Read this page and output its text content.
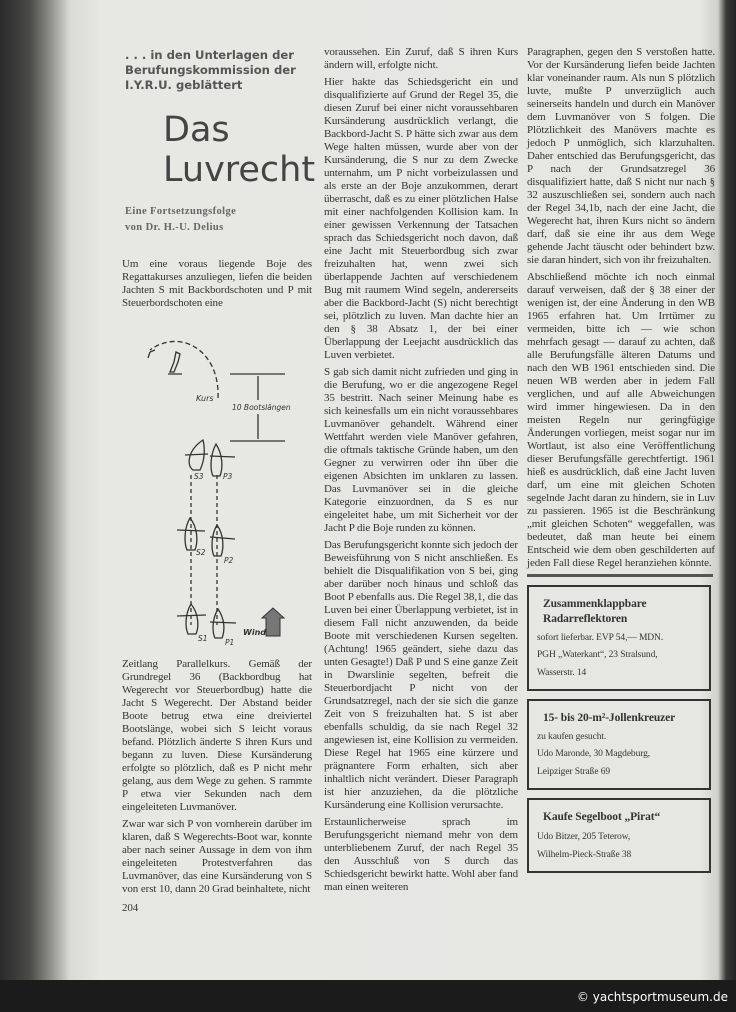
. . . in den Unterlagen der Berufungskommission der I.Y.R.U. geblättert
Das
Luvrecht
Eine Fortsetzungsfolge
von Dr. H.-U. Delius

Um eine voraus liegende Boje des Regattakurses anzuliegen, liefen die beiden Jachten S mit Backbordschoten und P mit Steuerbordschoten eine

Kurs
10 Bootslängen
Wind
S3	P3
S2
P2
S1 P1

Zeitlang Parallelkurs. Gemäß der Grundregel 36 (Backbordbug hat Wegerecht vor Steuerbordbug) hatte die Jacht S Wegerecht. Der Abstand beider Boote betrug etwa eine dreiviertel Bootslänge, wobei sich S leicht voraus befand. Plötzlich änderte S ihren Kurs und begann zu luven. Diese Kursänderung erfolgte so plötzlich, daß es P nicht mehr gelang, aus dem Wege zu gehen. S rammte P etwa vier Sekunden nach dem eingeleiteten Luvmanöver.

Zwar war sich P von vornherein darüber im klaren, daß S Wegerechts-Boot war, konnte aber nach seiner Aussage in dem von ihm eingeleiteten Protestverfahren das Luvmanöver, das eine Kursänderung von S von erst 10, dann 20 Grad beinhaltete, nicht

204

voraussehen. Ein Zuruf, daß S ihren Kurs ändern will, erfolgte nicht.

Hier hakte das Schiedsgericht ein und disqualifizierte auf Grund der Regel 35, die diesen Zuruf bei einer nicht voraussehbaren Kursänderung ausdrücklich verlangt, die Backbord-Jacht S. P hätte sich zwar aus dem Wege halten müssen, wurde aber von der Kursänderung, die S nur zu dem Zwecke unternahm, um P nicht vorbeizulassen und als erste an der Boje anzukommen, derart überrascht, daß es zu einer plötzlichen Halse mit einer nachfolgenden Kollision kam. In einer gewissen Verkennung der Tatsachen sprach das Schiedsgericht noch davon, daß eine Jacht mit Steuerbordbug sich zwar freizuhalten hat, wenn zwei sich überlappende Jachten auf verschiedenem Bug mit raumem Wind segeln, andererseits aber die Backbord-Jacht (S) nicht berechtigt sei, plötzlich zu luven. Man dachte hier an den § 38 Absatz 1, der bei einer Überlappung der Leejacht ausdrücklich das Luven verbietet.

S gab sich damit nicht zufrieden und ging in die Berufung, wo er die angezogene Regel 35 bestritt. Nach seiner Meinung habe es sich keinesfalls um ein nicht voraussehbares Luvmanöver gehandelt. Während einer Wettfahrt werden viele Manöver gefahren, die oftmals taktische Gründe haben, um den Gegner zu verwirren oder ihn über die eigenen Absichten im unklaren zu lassen. Das Luvmanöver sei in die gleiche Kategorie einzuordnen, da S es nur eingeleitet habe, um mit Sicherheit vor der Jacht P die Boje runden zu können.

Das Berufungsgericht konnte sich jedoch der Beweisführung von S nicht anschließen. Es behielt die Disqualifikation von S bei, ging aber darüber noch hinaus und schloß das Boot P ebenfalls aus. Die Regel 38,1, die das Luven bei einer Überlappung verbietet, ist in diesem Fall nicht anzuwenden, da beide Boote mit verschiedenen Kursen segelten. (Achtung! 1965 geändert, siehe dazu das unten Gesagte!) Daß P und S eine ganze Zeit in Dwarslinie segelten, befreit die Steuerbordjacht P nicht von der Grundsatzregel, nach der sie sich die ganze Zeit von S freizuhalten hat. S ist aber ebenfalls schuldig, da sie nach Regel 32 angewiesen ist, eine Kollision zu vermeiden. Diese Regel hat 1965 eine kürzere und prägnantere Form erhalten, sich aber inhaltlich nicht verändert. Dieser Paragraph ist hier anzuziehen, da die plötzliche Kursänderung eine Kollision verursachte.

Erstaunlicherweise sprach im Berufungsgericht niemand mehr von dem unterbliebenem Zuruf, der nach Regel 35 den Ausschluß von S durch das Schiedsgericht bewirkt hatte. Wohl aber fand man einen weiteren

Paragraphen, gegen den S verstoßen hatte. Vor der Kursänderung liefen beide Jachten klar voneinander raum. Als nun S plötzlich luvte, mußte P unverzüglich auch seinerseits handeln und durch ein Manöver dem Luvmanöver von S folgen. Die Plötzlichkeit des Manövers machte es jedoch P unmöglich, sich klarzuhalten. Daher entschied das Berufungsgericht, das P nach der Grundsatzregel 36 disqualifiziert hatte, daß S nicht nur nach § 32 auszuschließen sei, sondern auch nach der Regel 34,1b, nach der eine Jacht, die Wegerecht hat, ihren Kurs nicht so ändern darf, daß sie eine ihr aus dem Wege gehende Jacht täuscht oder behindert bzw. sie daran hindert, sich von ihr freizuhalten.

Abschließend möchte ich noch einmal darauf verweisen, daß der § 38 einer der wenigen ist, der eine Änderung in den WB 1965 erfahren hat. Um Irrtümer zu vermeiden, bitte ich — wie schon mehrfach gesagt — darauf zu achten, daß alle Berufungsfälle älteren Datums und nach den WB 1961 entschieden sind. Die neuen WB werden aber in jedem Fall verglichen, und auf alle Abweichungen wird immer hingewiesen. Da in den meisten Regeln nur geringfügige Änderungen vorliegen, meist sogar nur im Wortlaut, ist also eine Veröffentlichung dieser Berufungsfälle gerechtfertigt. 1961 hieß es ausdrücklich, daß eine Jacht luven darf, um eine mit gleichen Schoten segelnde Jacht daran zu hindern, sie in Luv zu passieren. 1965 ist die Beschränkung „mit gleichen Schoten“ weggefallen, was bedeutet, daß man heute bei einem Entscheid wie dem oben geschilderten auf jeden Fall diese Regel heranziehen könnte.

Zusammenklappbare Radarreflektoren
sofort lieferbar. EVP 54,— MDN.
PGH „Waterkant“, 23 Stralsund,
Wasserstr. 14
15- bis 20-m²-Jollenkreuzer
zu kaufen gesucht.
Udo Maronde, 30 Magdeburg,
Leipziger Straße 69
Kaufe Segelboot „Pirat“
Udo Bitzer, 205 Teterow,
Wilhelm-Pieck-Straße 38
© yachtsportmuseum.de
